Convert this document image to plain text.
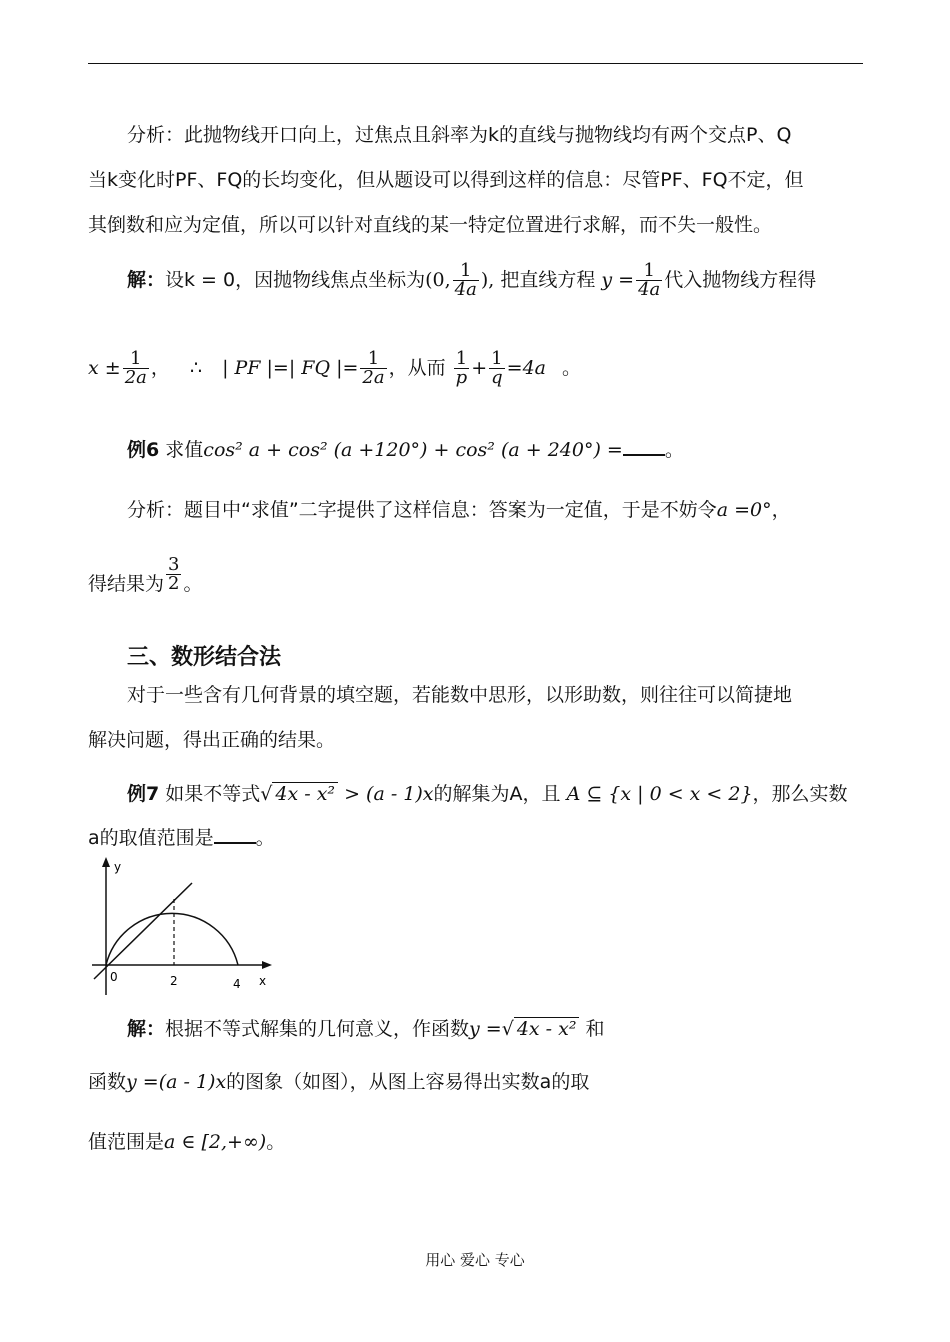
分析：此抛物线开口向上，过焦点且斜率为k的直线与抛物线均有两个交点P、Q
当k变化时PF、FQ的长均变化，但从题设可以得到这样的信息：尽管PF、FQ不定，但
其倒数和应为定值，所以可以针对直线的某一特定位置进行求解，而不失一般性。
解：设k = 0，因抛物线焦点坐标为(0, $\frac{1}{4a}$ ), 把直线方程 $y = \frac{1}{4a}$ 代入抛物线方程得
$x \pm \frac{1}{2a}$ ， ∴ | PF |=| FQ |= $\frac{1}{2a}$ ，从而 $\frac{1}{p} + \frac{1}{q} =4a$ 。
例6 求值cos² a + cos² (a +120°) + cos² (a + 240°) = 。
分析：题目中“求值”二字提供了这样信息：答案为一定值，于是不妨令a =0°，
得结果为 $\frac{3}{2}$ 。
三、数形结合法
对于一些含有几何背景的填空题，若能数中思形，以形助数，则往往可以简捷地
解决问题，得出正确的结果。
例7 如果不等式√ 4x - x² > (a - 1)x的解集为A，且 A ⊆ {x | 0 < x < 2}，那么实数
a的取值范围是 。
y
x
0	2	4
解：根据不等式解集的几何意义，作函数y =√ 4x - x² 和
函数y =(a - 1)x的图象（如图），从图上容易得出实数a的取
值范围是a ∈ [2,+∞)。
用心 爱心 专心
